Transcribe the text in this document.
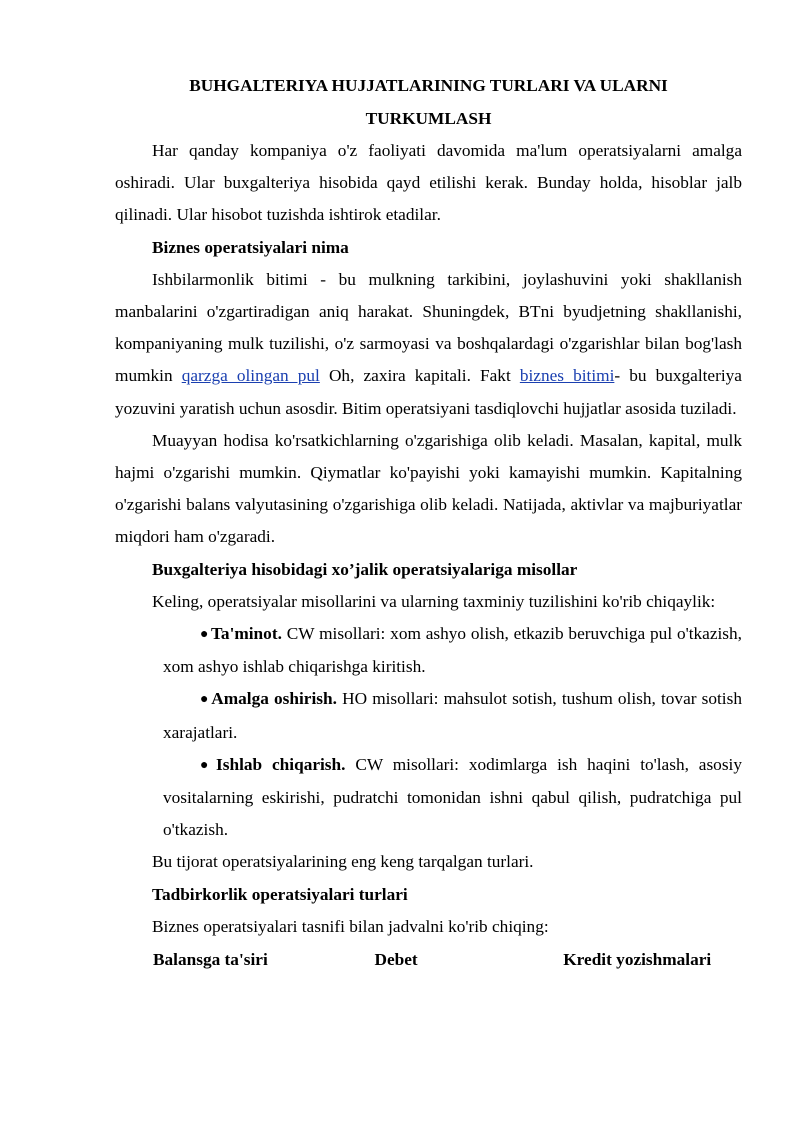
BUHGALTERIYA HUJJATLARINING TURLARI VA ULARNI TURKUMLASH

Har qanday kompaniya o'z faoliyati davomida ma'lum operatsiyalarni amalga oshiradi. Ular buxgalteriya hisobida qayd etilishi kerak. Bunday holda, hisoblar jalb qilinadi. Ular hisobot tuzishda ishtirok etadilar.

Biznes operatsiyalari nima

Ishbilarmonlik bitimi - bu mulkning tarkibini, joylashuvini yoki shakllanish manbalarini o'zgartiradigan aniq harakat. Shuningdek, BTni byudjetning shakllanishi, kompaniyaning mulk tuzilishi, o'z sarmoyasi va boshqalardagi o'zgarishlar bilan bog'lash mumkin qarzga olingan pul Oh, zaxira kapitali. Fakt biznes bitimi- bu buxgalteriya yozuvini yaratish uchun asosdir. Bitim operatsiyani tasdiqlovchi hujjatlar asosida tuziladi.

Muayyan hodisa ko'rsatkichlarning o'zgarishiga olib keladi. Masalan, kapital, mulk hajmi o'zgarishi mumkin. Qiymatlar ko'payishi yoki kamayishi mumkin. Kapitalning o'zgarishi balans valyutasining o'zgarishiga olib keladi. Natijada, aktivlar va majburiyatlar miqdori ham o'zgaradi.

Buxgalteriya hisobidagi xo’jalik operatsiyalariga misollar

Keling, operatsiyalar misollarini va ularning taxminiy tuzilishini ko'rib chiqaylik:

● Ta'minot. CW misollari: xom ashyo olish, etkazib beruvchiga pul o'tkazish, xom ashyo ishlab chiqarishga kiritish.
● Amalga oshirish. HO misollari: mahsulot sotish, tushum olish, tovar sotish xarajatlari.
● Ishlab chiqarish. CW misollari: xodimlarga ish haqini to'lash, asosiy vositalarning eskirishi, pudratchi tomonidan ishni qabul qilish, pudratchiga pul o'tkazish.

Bu tijorat operatsiyalarining eng keng tarqalgan turlari.

Tadbirkorlik operatsiyalari turlari

Biznes operatsiyalari tasnifi bilan jadvalni ko'rib chiqing:

Balansga ta'siri	Debet	Kredit yozishmalari
